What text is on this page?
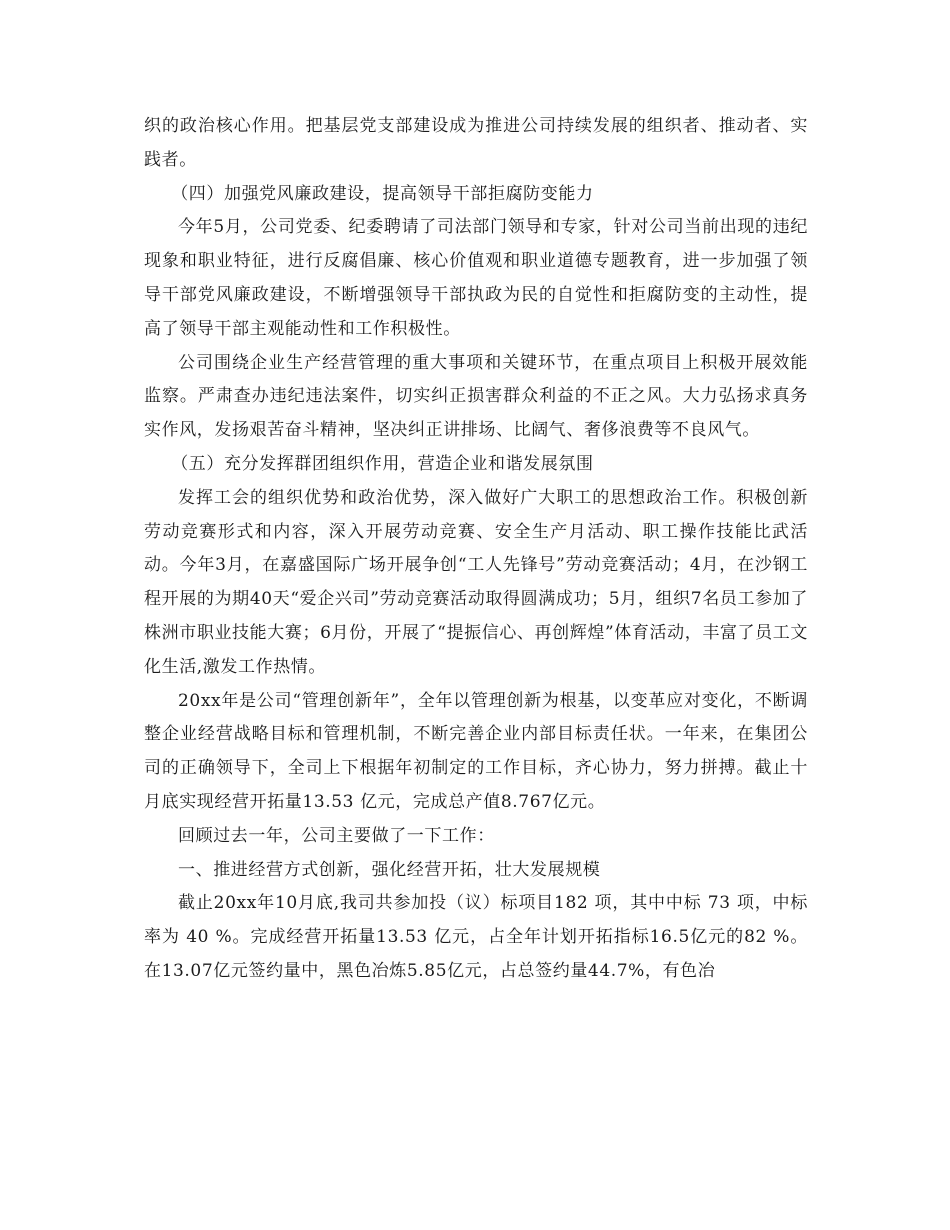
织的政治核心作用。把基层党支部建设成为推进公司持续发展的组织者、推动者、实践者。

（四）加强党风廉政建设，提高领导干部拒腐防变能力

今年5月，公司党委、纪委聘请了司法部门领导和专家，针对公司当前出现的违纪现象和职业特征，进行反腐倡廉、核心价值观和职业道德专题教育，进一步加强了领导干部党风廉政建设，不断增强领导干部执政为民的自觉性和拒腐防变的主动性，提高了领导干部主观能动性和工作积极性。

公司围绕企业生产经营管理的重大事项和关键环节，在重点项目上积极开展效能监察。严肃查办违纪违法案件，切实纠正损害群众利益的不正之风。大力弘扬求真务实作风，发扬艰苦奋斗精神，坚决纠正讲排场、比阔气、奢侈浪费等不良风气。

（五）充分发挥群团组织作用，营造企业和谐发展氛围

发挥工会的组织优势和政治优势，深入做好广大职工的思想政治工作。积极创新劳动竞赛形式和内容，深入开展劳动竞赛、安全生产月活动、职工操作技能比武活动。今年3月，在嘉盛国际广场开展争创“工人先锋号”劳动竞赛活动；4月，在沙钢工程开展的为期40天“爱企兴司”劳动竞赛活动取得圆满成功；5月，组织7名员工参加了株洲市职业技能大赛；6月份，开展了“提振信心、再创辉煌”体育活动，丰富了员工文化生活,激发工作热情。

20xx年是公司“管理创新年”，全年以管理创新为根基，以变革应对变化，不断调整企业经营战略目标和管理机制，不断完善企业内部目标责任状。一年来，在集团公司的正确领导下，全司上下根据年初制定的工作目标，齐心协力，努力拼搏。截止十月底实现经营开拓量13.53 亿元，完成总产值8.767亿元。

回顾过去一年，公司主要做了一下工作：

一、推进经营方式创新，强化经营开拓，壮大发展规模

截止20xx年10月底,我司共参加投（议）标项目182 项，其中中标 73 项，中标率为 40 %。完成经营开拓量13.53 亿元，占全年计划开拓指标16.5亿元的82 %。在13.07亿元签约量中，黑色冶炼5.85亿元，占总签约量44.7%，有色冶
